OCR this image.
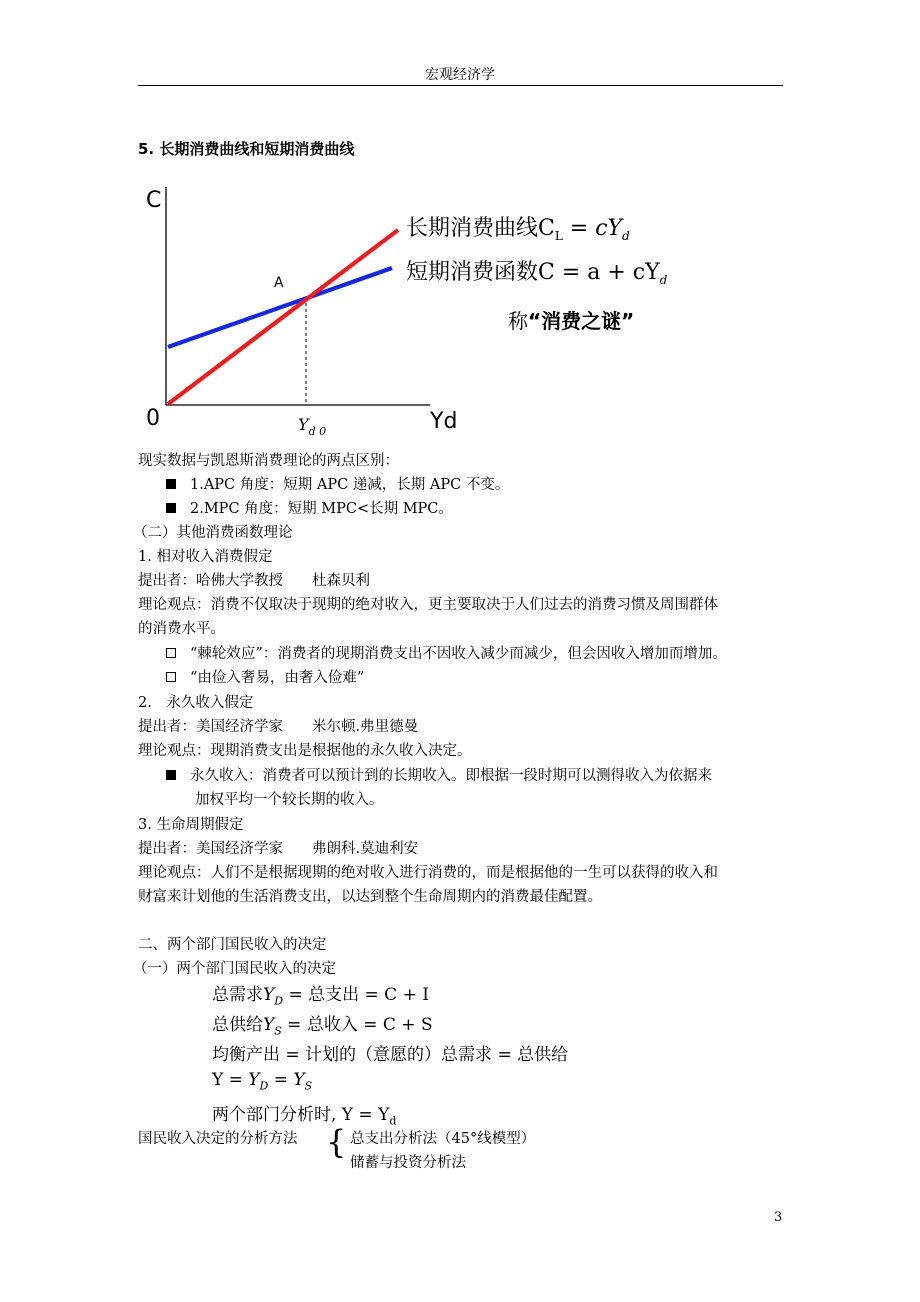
宏观经济学
5. 长期消费曲线和短期消费曲线
C
0	Yd
A
$Y_{d 0}$
长期消费曲线$C_L = cY_d$
短期消费函数$C = a + cY_d$
称“消费之谜”
现实数据与凯恩斯消费理论的两点区别：
1.APC 角度：短期 APC 递减，长期 APC 不变。
2.MPC 角度：短期 MPC<长期 MPC。
（二）其他消费函数理论
1. 相对收入消费假定
提出者：哈佛大学教授　　杜森贝利
理论观点：消费不仅取决于现期的绝对收入，更主要取决于人们过去的消费习惯及周围群体
的消费水平。
“棘轮效应”：消费者的现期消费支出不因收入减少而减少，但会因收入增加而增加。
“由俭入奢易，由奢入俭难”
2.　永久收入假定
提出者：美国经济学家　　米尔顿.弗里德曼
理论观点：现期消费支出是根据他的永久收入决定。
永久收入：消费者可以预计到的长期收入。即根据一段时期可以测得收入为依据来
加权平均一个较长期的收入。
3. 生命周期假定
提出者：美国经济学家　　弗朗科.莫迪利安
理论观点：人们不是根据现期的绝对收入进行消费的，而是根据他的一生可以获得的收入和
财富来计划他的生活消费支出，以达到整个生命周期内的消费最佳配置。
二、两个部门国民收入的决定
（一）两个部门国民收入的决定
总需求$Y_D$ = 总支出 = C + I
总供给$Y_S$ = 总收入 = C + S
均衡产出 = 计划的（意愿的）总需求 = 总供给
$Y = Y_D = Y_S$
两个部门分析时, $Y = Y_d$
国民收入决定的分析方法 { 总支出分析法（45°线模型）
储蓄与投资分析法
3
